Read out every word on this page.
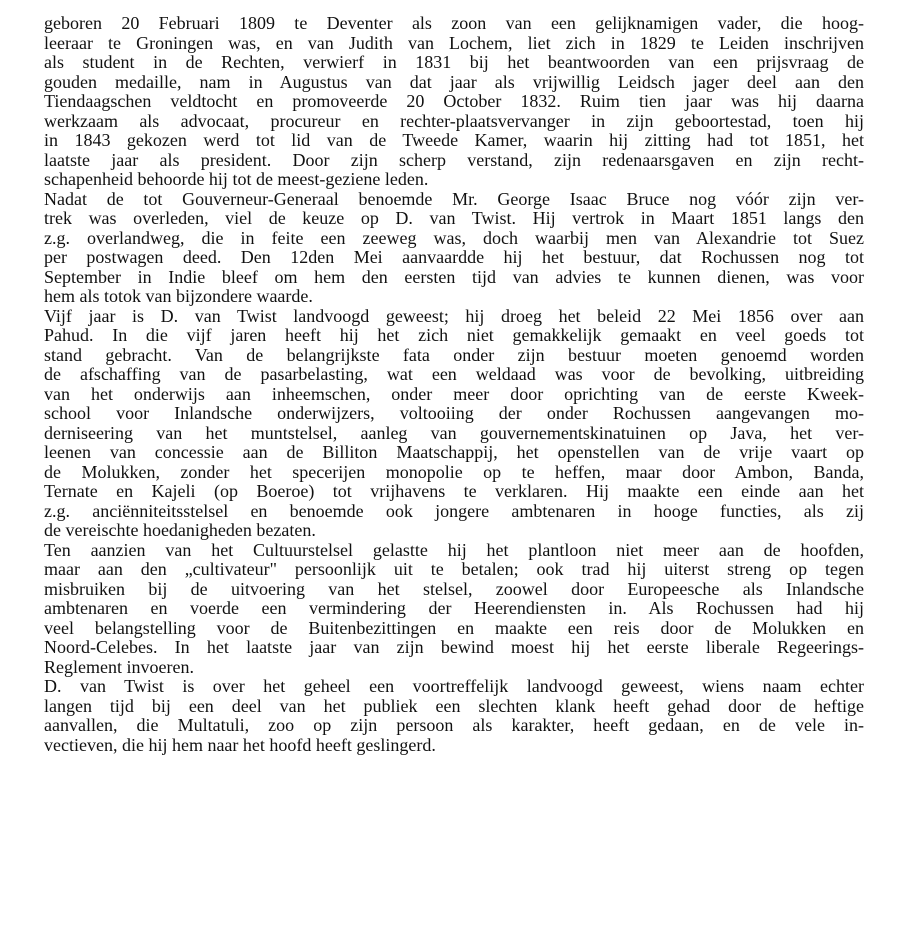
geboren 20 Februari 1809 te Deventer als zoon van een gelijknamigen vader, die hoog-
leeraar te Groningen was, en van Judith van Lochem, liet zich in 1829 te Leiden inschrijven
als student in de Rechten, verwierf in 1831 bij het beantwoorden van een prijsvraag de
gouden medaille, nam in Augustus van dat jaar als vrijwillig Leidsch jager deel aan den
Tiendaagschen veldtocht en promoveerde 20 October 1832. Ruim tien jaar was hij daarna
werkzaam als advocaat, procureur en rechter-plaatsvervanger in zijn geboortestad, toen hij
in 1843 gekozen werd tot lid van de Tweede Kamer, waarin hij zitting had tot 1851, het
laatste jaar als president. Door zijn scherp verstand, zijn redenaarsgaven en zijn recht-
schapenheid behoorde hij tot de meest-geziene leden.
Nadat de tot Gouverneur-Generaal benoemde Mr. George Isaac Bruce nog vóór zijn ver-
trek was overleden, viel de keuze op D. van Twist. Hij vertrok in Maart 1851 langs den
z.g. overlandweg, die in feite een zeeweg was, doch waarbij men van Alexandrie tot Suez
per postwagen deed. Den 12den Mei aanvaardde hij het bestuur, dat Rochussen nog tot
September in Indie bleef om hem den eersten tijd van advies te kunnen dienen, was voor
hem als totok van bijzondere waarde.
Vijf jaar is D. van Twist landvoogd geweest; hij droeg het beleid 22 Mei 1856 over aan
Pahud. In die vijf jaren heeft hij het zich niet gemakkelijk gemaakt en veel goeds tot
stand gebracht. Van de belangrijkste fata onder zijn bestuur moeten genoemd worden
de afschaffing van de pasarbelasting, wat een weldaad was voor de bevolking, uitbreiding
van het onderwijs aan inheemschen, onder meer door oprichting van de eerste Kweek-
school voor Inlandsche onderwijzers, voltooiing der onder Rochussen aangevangen mo-
derniseering van het muntstelsel, aanleg van gouvernementskinatuinen op Java, het ver-
leenen van concessie aan de Billiton Maatschappij, het openstellen van de vrije vaart op
de Molukken, zonder het specerijen monopolie op te heffen, maar door Ambon, Banda,
Ternate en Kajeli (op Boeroe) tot vrijhavens te verklaren. Hij maakte een einde aan het
z.g. anciënniteitsstelsel en benoemde ook jongere ambtenaren in hooge functies, als zij
de vereischte hoedanigheden bezaten.
Ten aanzien van het Cultuurstelsel gelastte hij het plantloon niet meer aan de hoofden,
maar aan den „cultivateur" persoonlijk uit te betalen; ook trad hij uiterst streng op tegen
misbruiken bij de uitvoering van het stelsel, zoowel door Europeesche als Inlandsche
ambtenaren en voerde een vermindering der Heerendiensten in. Als Rochussen had hij
veel belangstelling voor de Buitenbezittingen en maakte een reis door de Molukken en
Noord-Celebes. In het laatste jaar van zijn bewind moest hij het eerste liberale Regeerings-
Reglement invoeren.
D. van Twist is over het geheel een voortreffelijk landvoogd geweest, wiens naam echter
langen tijd bij een deel van het publiek een slechten klank heeft gehad door de heftige
aanvallen, die Multatuli, zoo op zijn persoon als karakter, heeft gedaan, en de vele in-
vectieven, die hij hem naar het hoofd heeft geslingerd.
